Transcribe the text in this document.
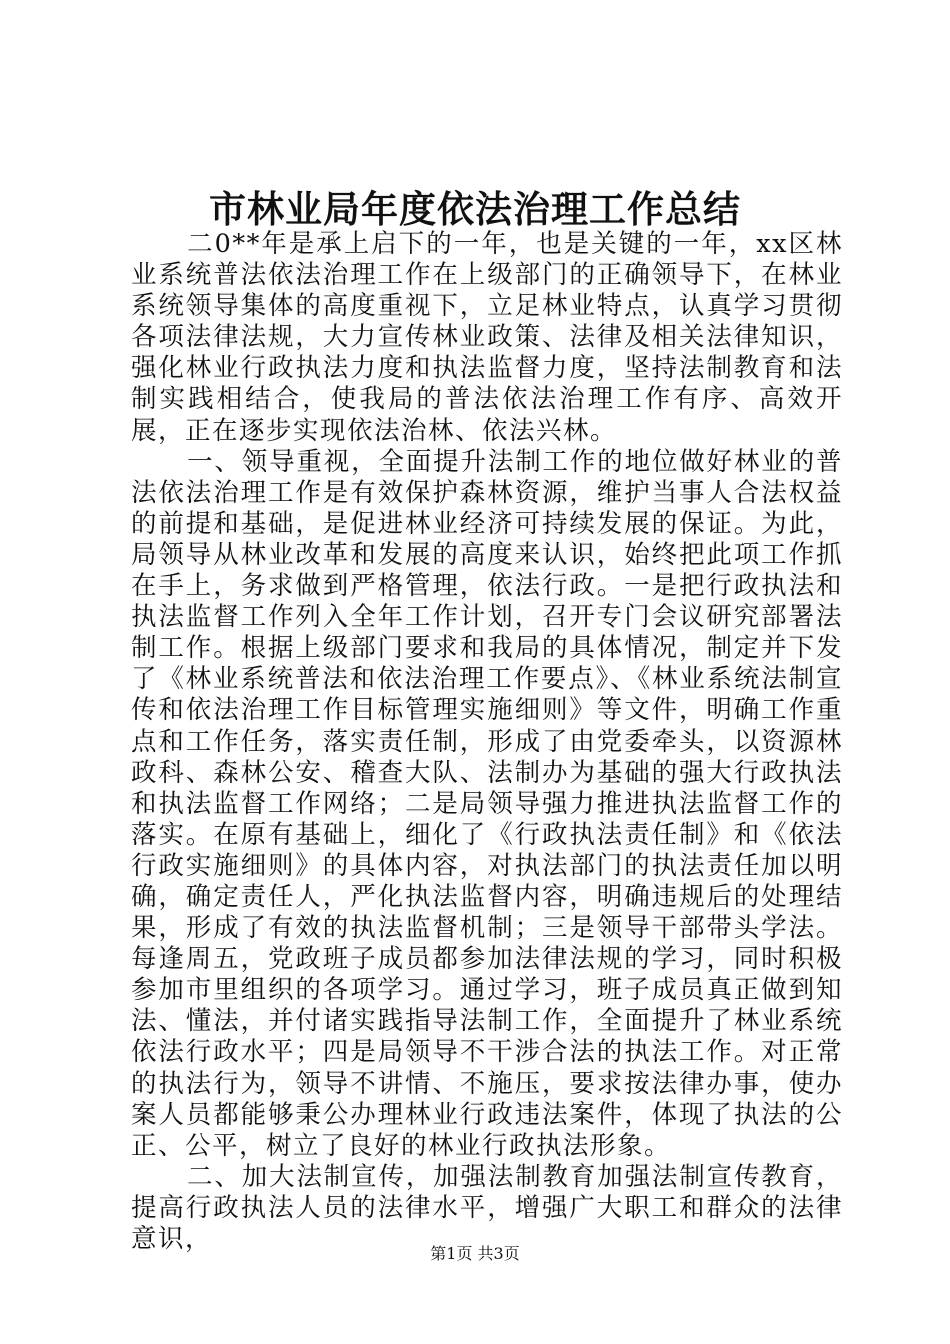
市林业局年度依法治理工作总结

二0**年是承上启下的一年，也是关键的一年，xx区林业系统普法依法治理工作在上级部门的正确领导下，在林业系统领导集体的高度重视下，立足林业特点，认真学习贯彻各项法律法规，大力宣传林业政策、法律及相关法律知识，强化林业行政执法力度和执法监督力度，坚持法制教育和法制实践相结合，使我局的普法依法治理工作有序、高效开展，正在逐步实现依法治林、依法兴林。

一、领导重视，全面提升法制工作的地位做好林业的普法依法治理工作是有效保护森林资源，维护当事人合法权益的前提和基础，是促进林业经济可持续发展的保证。为此，局领导从林业改革和发展的高度来认识，始终把此项工作抓在手上，务求做到严格管理，依法行政。一是把行政执法和执法监督工作列入全年工作计划，召开专门会议研究部署法制工作。根据上级部门要求和我局的具体情况，制定并下发了《林业系统普法和依法治理工作要点》、《林业系统法制宣传和依法治理工作目标管理实施细则》等文件，明确工作重点和工作任务，落实责任制，形成了由党委牵头，以资源林政科、森林公安、稽查大队、法制办为基础的强大行政执法和执法监督工作网络；二是局领导强力推进执法监督工作的落实。在原有基础上，细化了《行政执法责任制》和《依法行政实施细则》的具体内容，对执法部门的执法责任加以明确，确定责任人，严化执法监督内容，明确违规后的处理结果，形成了有效的执法监督机制；三是领导干部带头学法。每逢周五，党政班子成员都参加法律法规的学习，同时积极参加市里组织的各项学习。通过学习，班子成员真正做到知法、懂法，并付诸实践指导法制工作，全面提升了林业系统依法行政水平；四是局领导不干涉合法的执法工作。对正常的执法行为，领导不讲情、不施压，要求按法律办事，使办案人员都能够秉公办理林业行政违法案件，体现了执法的公正、公平，树立了良好的林业行政执法形象。

二、加大法制宣传，加强法制教育加强法制宣传教育，提高行政执法人员的法律水平，增强广大职工和群众的法律意识，	第1页 共3页
